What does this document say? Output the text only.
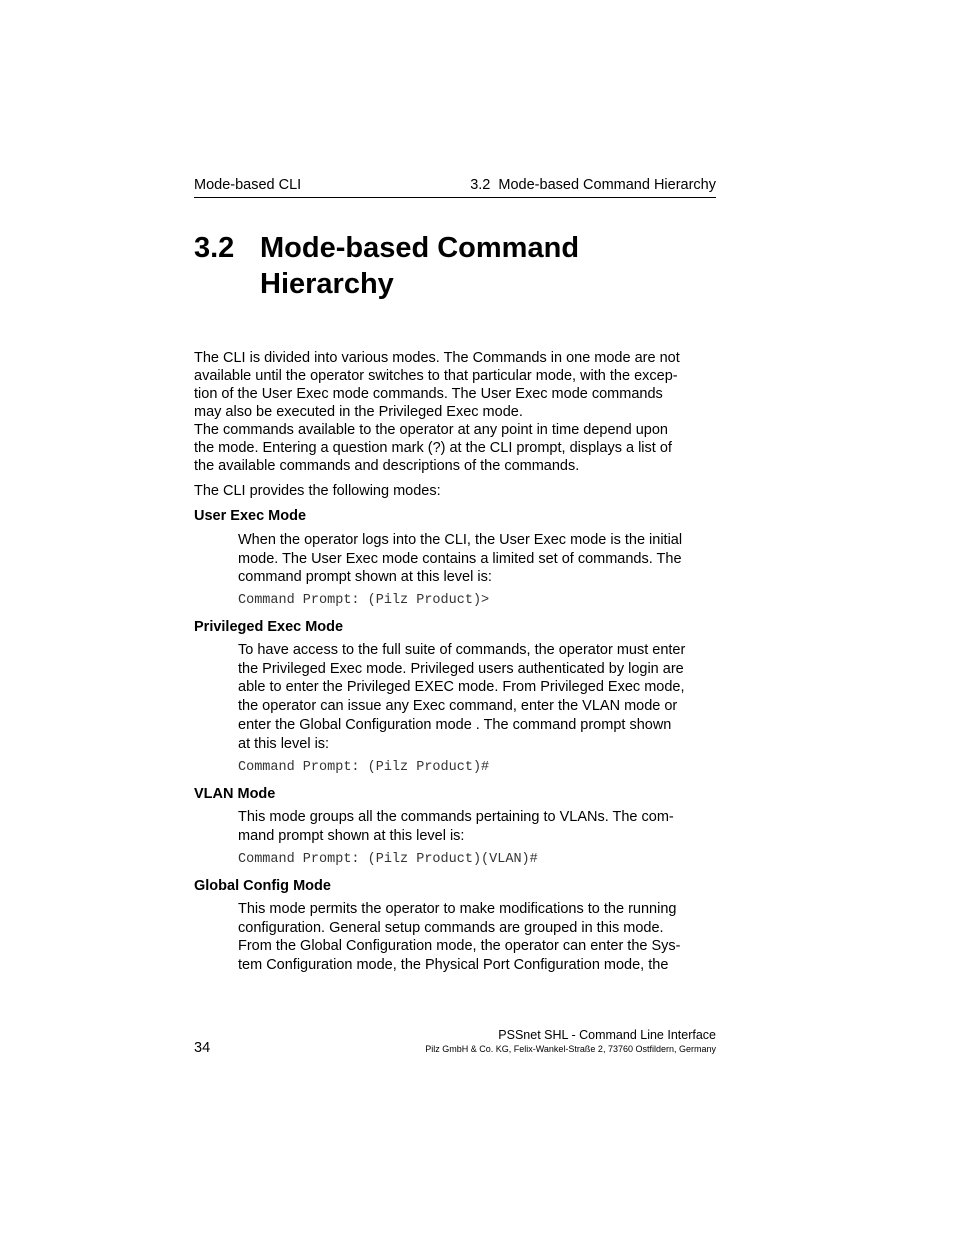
Mode-based CLI	3.2  Mode-based Command Hierarchy
3.2 Mode-based Command
Hierarchy
The CLI is divided into various modes. The Commands in one mode are not
available until the operator switches to that particular mode, with the excep-
tion of the User Exec mode commands. The User Exec mode commands
may also be executed in the Privileged Exec mode.
The commands available to the operator at any point in time depend upon
the mode. Entering a question mark (?) at the CLI prompt, displays a list of
the available commands and descriptions of the commands.
The CLI provides the following modes:
User Exec Mode
When the operator logs into the CLI, the User Exec mode is the initial
mode. The User Exec mode contains a limited set of commands. The
command prompt shown at this level is:
Command Prompt: (Pilz Product)>
Privileged Exec Mode
To have access to the full suite of commands, the operator must enter
the Privileged Exec mode. Privileged users authenticated by login are
able to enter the Privileged EXEC mode. From Privileged Exec mode,
the operator can issue any Exec command, enter the VLAN mode or
enter the Global Configuration mode . The command prompt shown
at this level is:
Command Prompt: (Pilz Product)#
VLAN Mode
This mode groups all the commands pertaining to VLANs. The com-
mand prompt shown at this level is:
Command Prompt: (Pilz Product)(VLAN)#
Global Config Mode
This mode permits the operator to make modifications to the running
configuration. General setup commands are grouped in this mode.
From the Global Configuration mode, the operator can enter the Sys-
tem Configuration mode, the Physical Port Configuration mode, the
34
PSSnet SHL - Command Line Interface
Pilz GmbH & Co. KG, Felix-Wankel-Straße 2, 73760 Ostfildern, Germany
